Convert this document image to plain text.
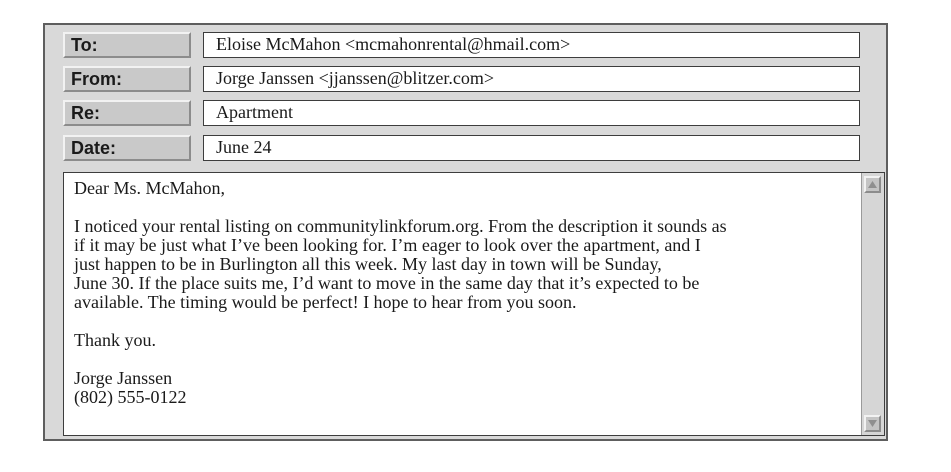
To:	Eloise McMahon <mcmahonrental@hmail.com>
From:	Jorge Janssen <jjanssen@blitzer.com>
Re:	Apartment
Date:	June 24

Dear Ms. McMahon,

I noticed your rental listing on communitylinkforum.org. From the description it sounds as
if it may be just what I’ve been looking for. I’m eager to look over the apartment, and I
just happen to be in Burlington all this week. My last day in town will be Sunday,
June 30. If the place suits me, I’d want to move in the same day that it’s expected to be
available. The timing would be perfect! I hope to hear from you soon.

Thank you.

Jorge Janssen
(802) 555-0122
